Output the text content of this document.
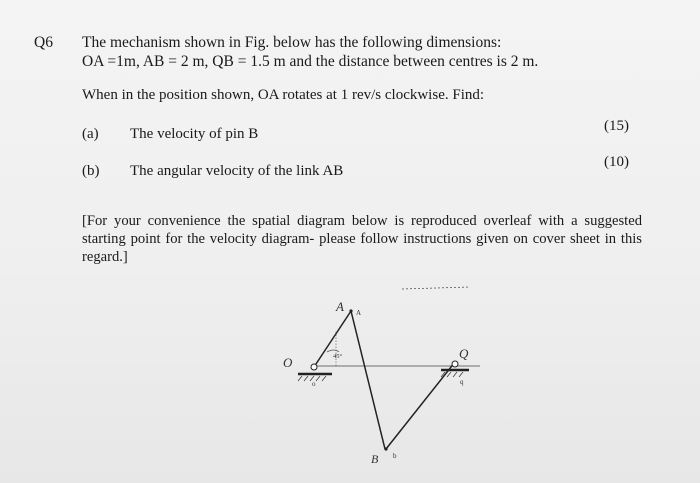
Q6 The mechanism shown in Fig. below has the following dimensions:
OA =1m, AB = 2 m, QB = 1.5 m and the distance between centres is 2 m.
When in the position shown, OA rotates at 1 rev/s clockwise. Find:
(a) The velocity of pin B	(15)
(b) The angular velocity of the link AB
(10)
[For your convenience the spatial diagram below is reproduced overleaf with a suggested starting point for the velocity diagram- please follow instructions given on cover sheet in this regard.]
A A
45°
O
o
Q
q
B b
